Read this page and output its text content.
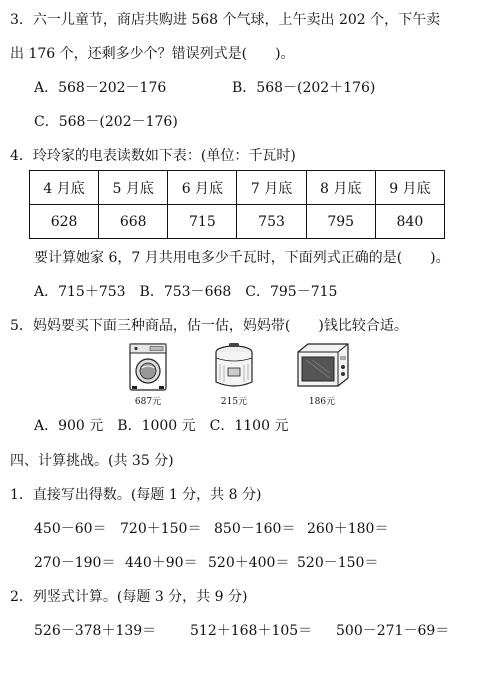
3．六一儿童节，商店共购进 568 个气球，上午卖出 202 个，下午卖
出 176 个，还剩多少个？错误列式是(　　)。
A．568－202－176	B．568－(202＋176)
C．568－(202－176)
4．玲玲家的电表读数如下表：(单位：千瓦时)
4 月底	5 月底	6 月底	7 月底	8 月底	9 月底
628	668	715	753	795	840
要计算她家 6，7 月共用电多少千瓦时，下面列式正确的是(　　)。
A．715＋753　B．753－668　C．795－715
5．妈妈要买下面三种商品，估一估，妈妈带(　　)钱比较合适。
687元	215元	186元
A．900 元　B．1000 元　C．1100 元
四、计算挑战。(共 35 分)
1．直接写出得数。(每题 1 分，共 8 分)
450－60＝ 720＋150＝ 850－160＝ 260＋180＝
270－190＝ 440＋90＝ 520＋400＝ 520－150＝
2．列竖式计算。(每题 3 分，共 9 分)
526－378＋139＝ 512＋168＋105＝ 500－271－69＝
